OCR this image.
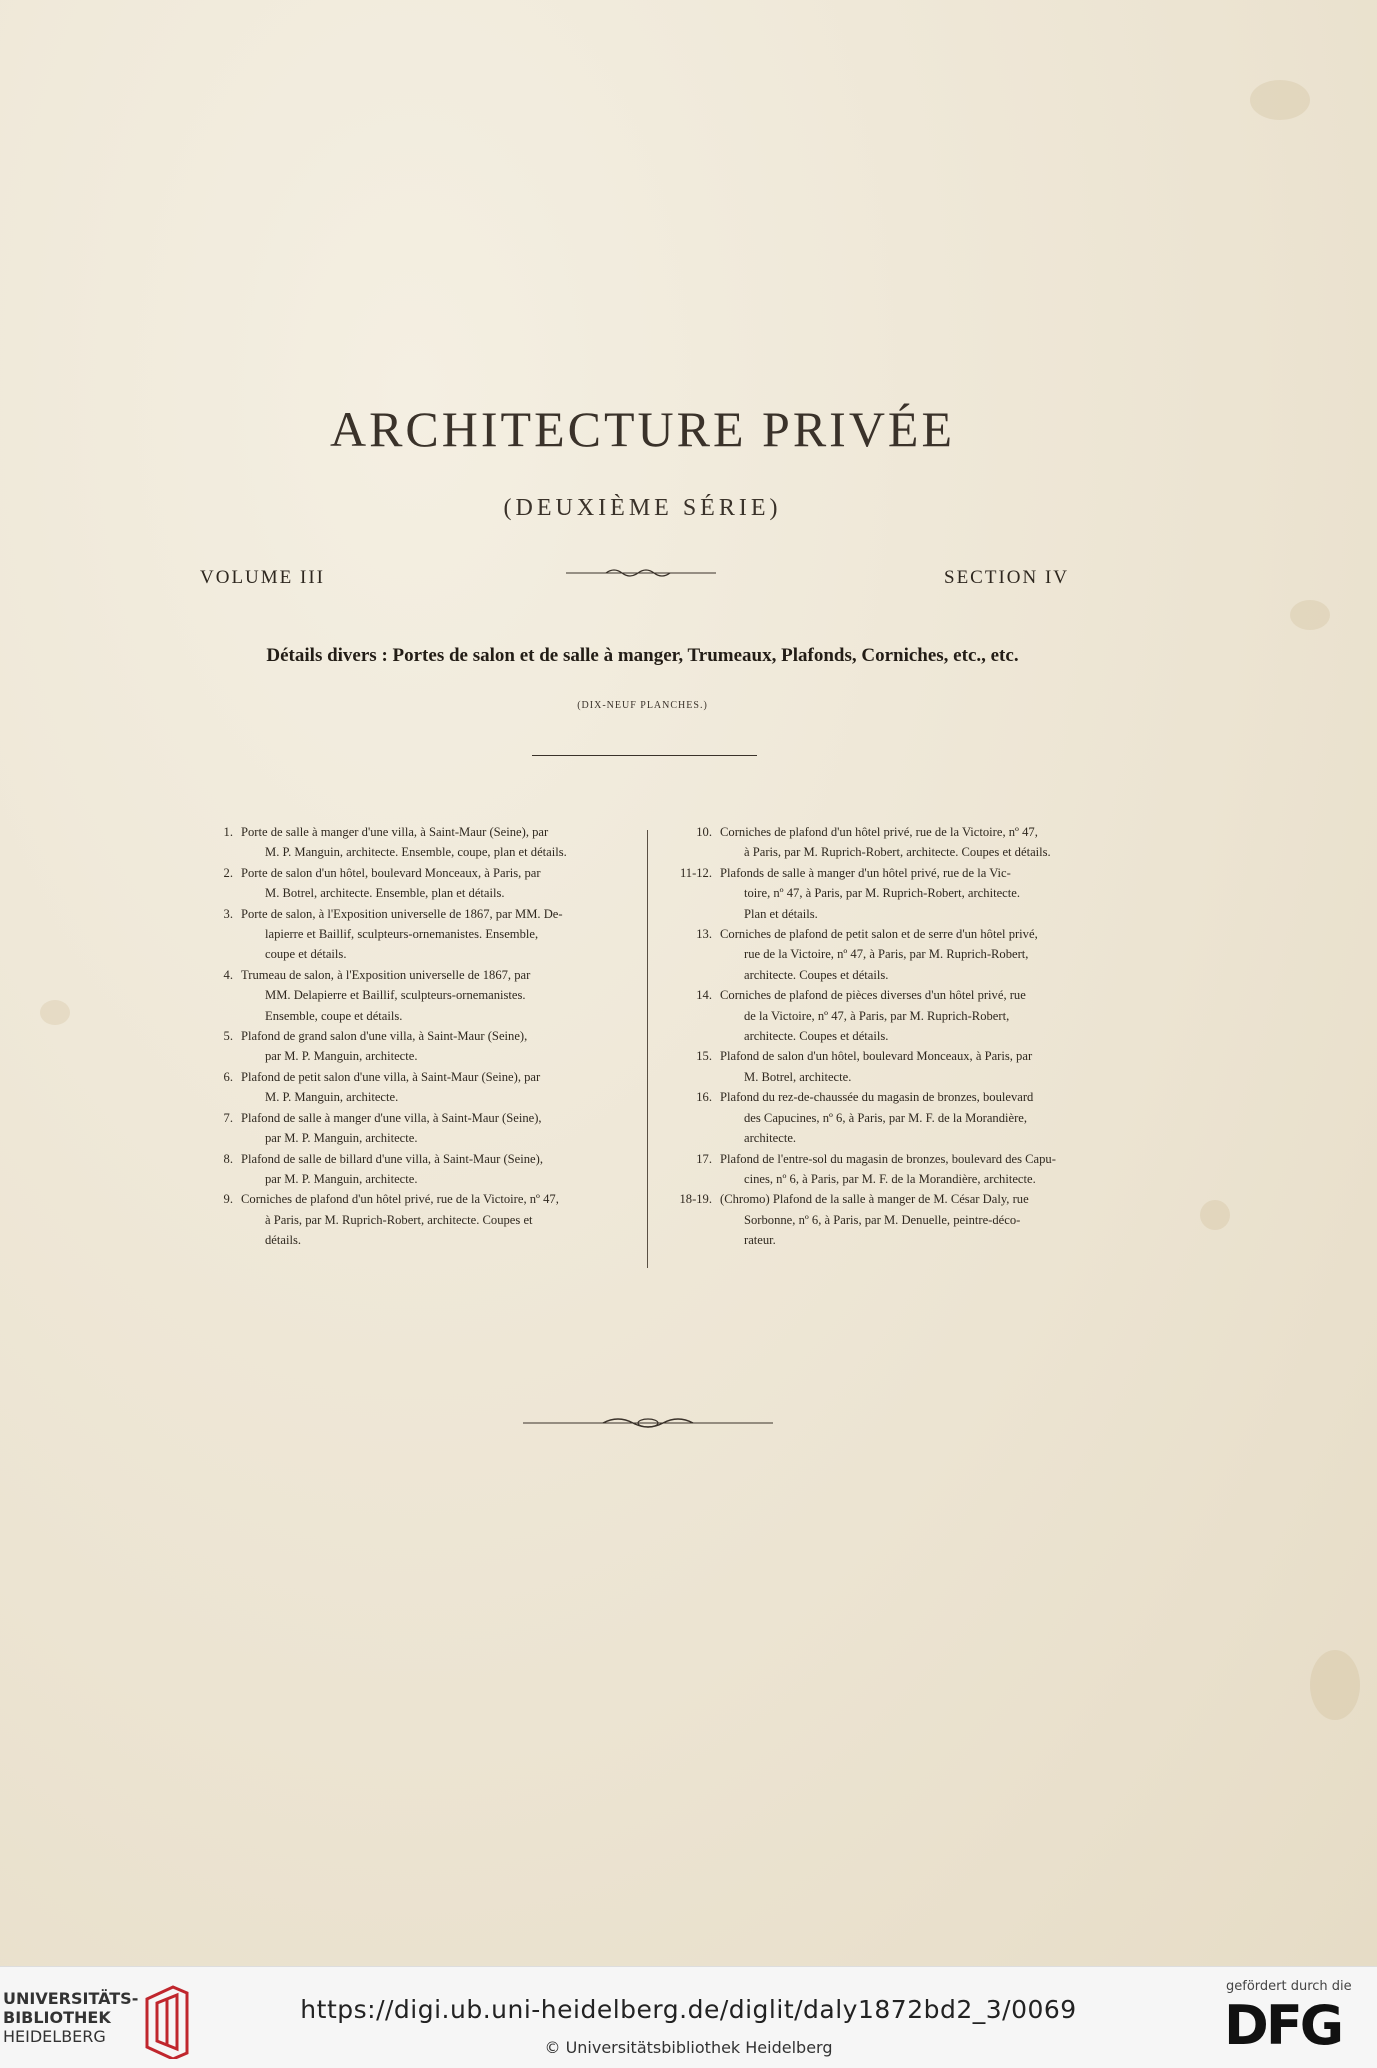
ARCHITECTURE PRIVÉE
(DEUXIÈME SÉRIE)
VOLUME III	SECTION IV
Détails divers : Portes de salon et de salle à manger, Trumeaux, Plafonds, Corniches, etc., etc.
(DIX-NEUF PLANCHES.)
1. Porte de salle à manger d'une villa, à Saint-Maur (Seine), par
M. P. Manguin, architecte. Ensemble, coupe, plan et détails.
2. Porte de salon d'un hôtel, boulevard Monceaux, à Paris, par
M. Botrel, architecte. Ensemble, plan et détails.
3. Porte de salon, à l'Exposition universelle de 1867, par MM. De-
lapierre et Baillif, sculpteurs-ornemanistes. Ensemble,
coupe et détails.
4. Trumeau de salon, à l'Exposition universelle de 1867, par
MM. Delapierre et Baillif, sculpteurs-ornemanistes.
Ensemble, coupe et détails.
5. Plafond de grand salon d'une villa, à Saint-Maur (Seine),
par M. P. Manguin, architecte.
6. Plafond de petit salon d'une villa, à Saint-Maur (Seine), par
M. P. Manguin, architecte.
7. Plafond de salle à manger d'une villa, à Saint-Maur (Seine),
par M. P. Manguin, architecte.
8. Plafond de salle de billard d'une villa, à Saint-Maur (Seine),
par M. P. Manguin, architecte.
9. Corniches de plafond d'un hôtel privé, rue de la Victoire, nº 47,
à Paris, par M. Ruprich-Robert, architecte. Coupes et
détails.
10. Corniches de plafond d'un hôtel privé, rue de la Victoire, nº 47,
à Paris, par M. Ruprich-Robert, architecte. Coupes et détails.
11-12. Plafonds de salle à manger d'un hôtel privé, rue de la Vic-
toire, nº 47, à Paris, par M. Ruprich-Robert, architecte.
Plan et détails.
13. Corniches de plafond de petit salon et de serre d'un hôtel privé,
rue de la Victoire, nº 47, à Paris, par M. Ruprich-Robert,
architecte. Coupes et détails.
14. Corniches de plafond de pièces diverses d'un hôtel privé, rue
de la Victoire, nº 47, à Paris, par M. Ruprich-Robert,
architecte. Coupes et détails.
15. Plafond de salon d'un hôtel, boulevard Monceaux, à Paris, par
M. Botrel, architecte.
16. Plafond du rez-de-chaussée du magasin de bronzes, boulevard
des Capucines, nº 6, à Paris, par M. F. de la Morandière,
architecte.
17. Plafond de l'entre-sol du magasin de bronzes, boulevard des Capu-
cines, nº 6, à Paris, par M. F. de la Morandière, architecte.
18-19. (Chromo) Plafond de la salle à manger de M. César Daly, rue
Sorbonne, nº 6, à Paris, par M. Denuelle, peintre-déco-
rateur.
UNIVERSITÄTS-
BIBLIOTHEK
HEIDELBERG
https://digi.ub.uni-heidelberg.de/diglit/daly1872bd2_3/0069
© Universitätsbibliothek Heidelberg
gefördert durch die
DFG
